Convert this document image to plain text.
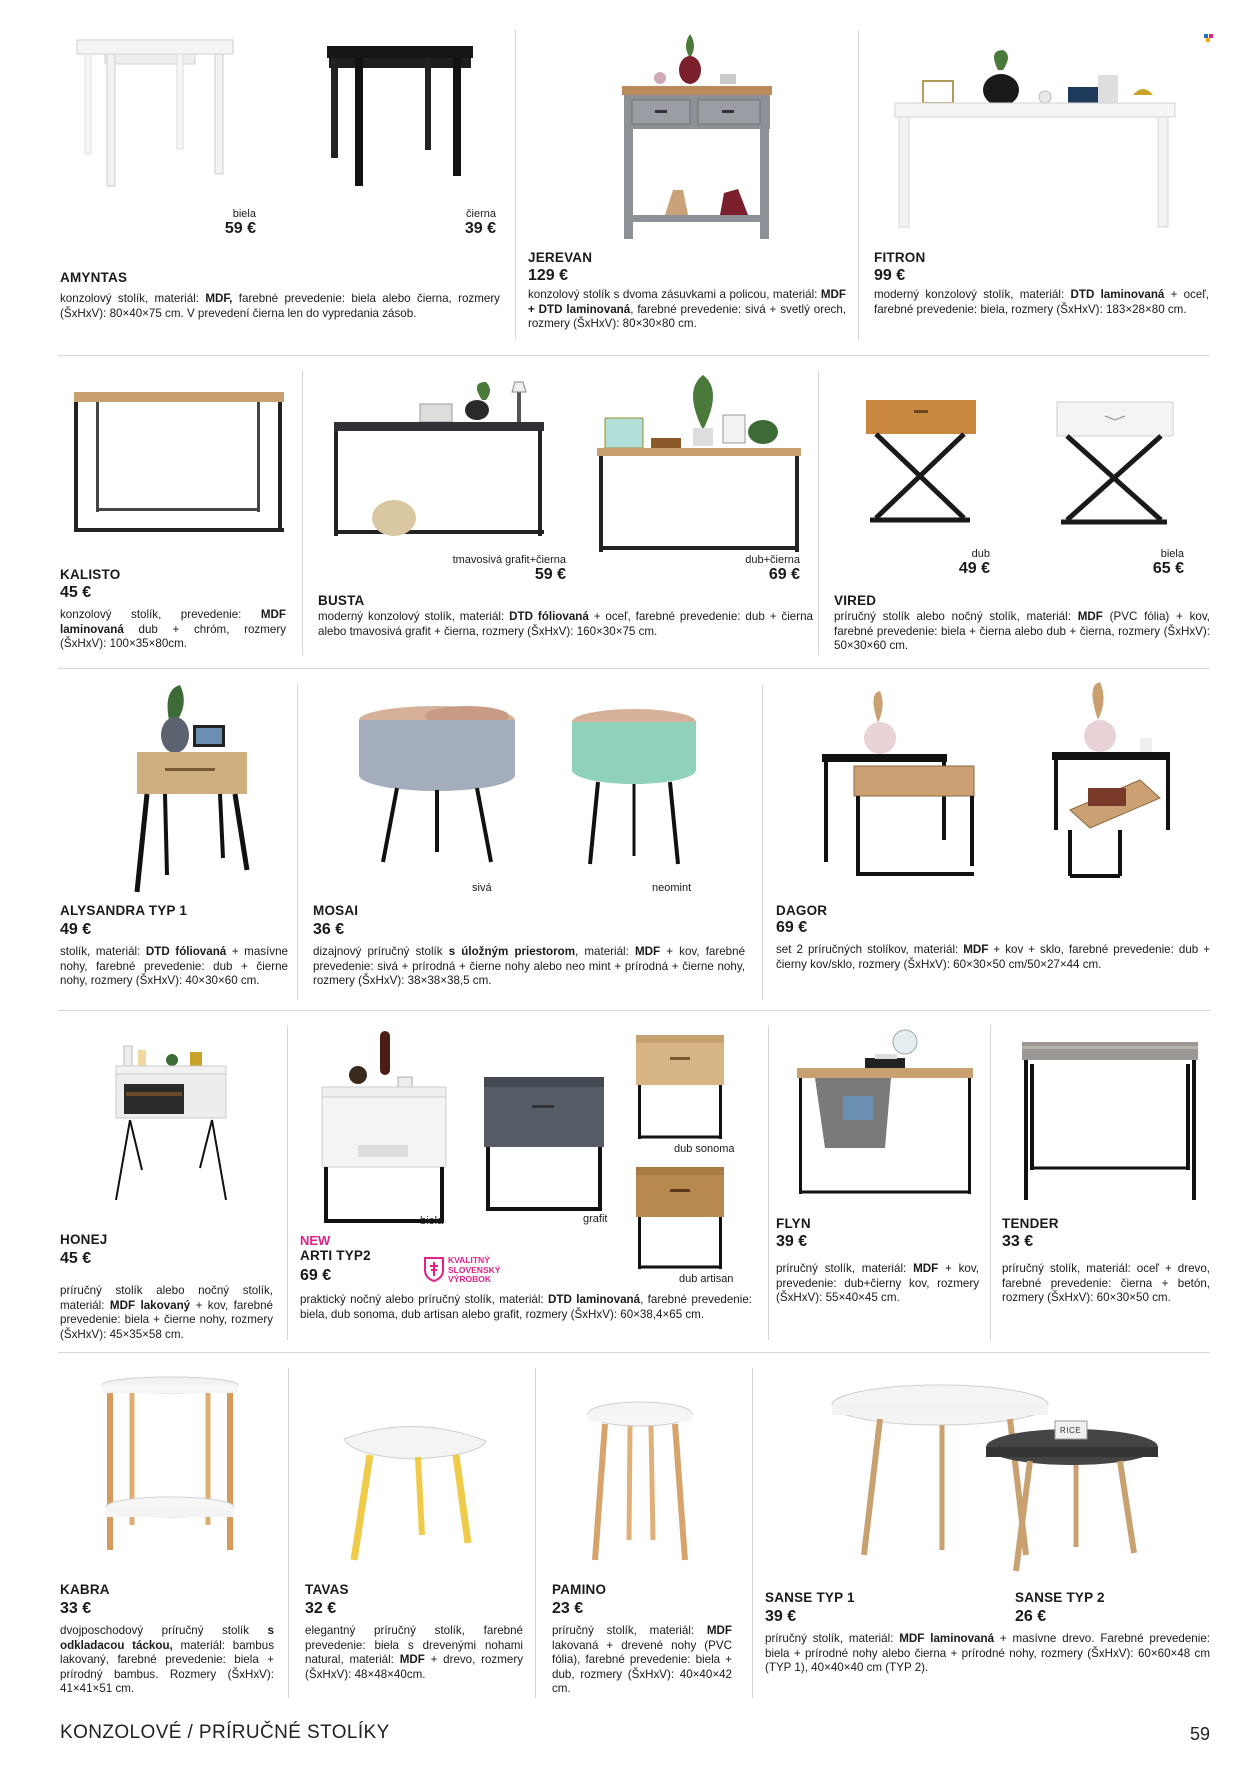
biela
59 €
čierna
39 €
AMYNTAS
konzolový stolík, materiál: MDF, farebné prevedenie: biela alebo čierna, rozmery (ŠxHxV): 80×40×75 cm. V prevedení čierna len do vypredania zásob.
JEREVAN
129 €
konzolový stolík s dvoma zásuvkami a policou, materiál: MDF + DTD laminovaná, farebné prevedenie: sivá + svetlý orech, rozmery (ŠxHxV): 80×30×80 cm.
FITRON
99 €
moderný konzolový stolík, materiál: DTD laminovaná + oceľ, farebné prevedenie: biela, rozmery (ŠxHxV): 183×28×80 cm.
KALISTO
45 €
konzolový stolík, prevedenie: MDF laminovaná dub + chróm, rozmery (ŠxHxV): 100×35×80cm.
tmavosivá grafit+čierna
59 €
dub+čierna
69 €
BUSTA
moderný konzolový stolík, materiál: DTD fóliovaná + oceľ, farebné prevedenie: dub + čierna alebo tmavosivá grafit + čierna, rozmery (ŠxHxV): 160×30×75 cm.
dub
49 €
biela
65 €
VIRED
príručný stolík alebo nočný stolík, materiál: MDF (PVC fólia) + kov, farebné prevedenie: biela + čierna alebo dub + čierna, rozmery (ŠxHxV): 50×30×60 cm.
ALYSANDRA TYP 1
49 €
stolík, materiál: DTD fóliovaná + masívne nohy, farebné prevedenie: dub + čierne nohy, rozmery (ŠxHxV): 40×30×60 cm.
sivá	neomint
MOSAI
36 €
dizajnový príručný stolík s úložným priestorom, materiál: MDF + kov, farebné prevedenie: sivá + prírodná + čierne nohy alebo neo mint + prírodná + čierne nohy, rozmery (ŠxHxV): 38×38×38,5 cm.
DAGOR
69 €
set 2 príručných stolíkov, materiál: MDF + kov + sklo, farebné prevedenie: dub + čierny kov/sklo, rozmery (ŠxHxV): 60×30×50 cm/50×27×44 cm.
HONEJ
45 €
príručný stolík alebo nočný stolík, materiál: MDF lakovaný + kov, farebné prevedenie: biela + čierne nohy, rozmery (ŠxHxV): 45×35×58 cm.
biela	grafit
dub sonoma
dub artisan
NEW
ARTI TYP2
69 €
KVALITNÝ SLOVENSKÝ VÝROBOK
praktický nočný alebo príručný stolík, materiál: DTD laminovaná, farebné prevedenie: biela, dub sonoma, dub artisan alebo grafit, rozmery (ŠxHxV): 60×38,4×65 cm.
FLYN
39 €
príručný stolík, materiál: MDF + kov, prevedenie: dub+čierny kov, rozmery (ŠxHxV): 55×40×45 cm.
TENDER
33 €
príručný stolík, materiál: oceľ + drevo, farebné prevedenie: čierna + betón, rozmery (ŠxHxV): 60×30×50 cm.
KABRA
33 €
dvojposchodový príručný stolík s odkladacou táckou, materiál: bambus lakovaný, farebné prevedenie: biela + prírodný bambus. Rozmery (ŠxHxV): 41×41×51 cm.
TAVAS
32 €
elegantný príručný stolík, farebné prevedenie: biela s drevenými nohami natural, materiál: MDF + drevo, rozmery (ŠxHxV): 48×48×40cm.
PAMINO
23 €
príručný stolík, materiál: MDF lakovaná + drevené nohy (PVC fólia), farebné prevedenie: biela + dub, rozmery (ŠxHxV): 40×40×42 cm.
RICE
SANSE TYP 1
39 €
SANSE TYP 2
26 €
príručný stolík, materiál: MDF laminovaná + masívne drevo. Farebné prevedenie: biela + prírodné nohy alebo čierna + prírodné nohy, rozmery (ŠxHxV): 60×60×48 cm (TYP 1), 40×40×40 cm (TYP 2).
KONZOLOVÉ / PRÍRUČNÉ STOLÍKY	59
